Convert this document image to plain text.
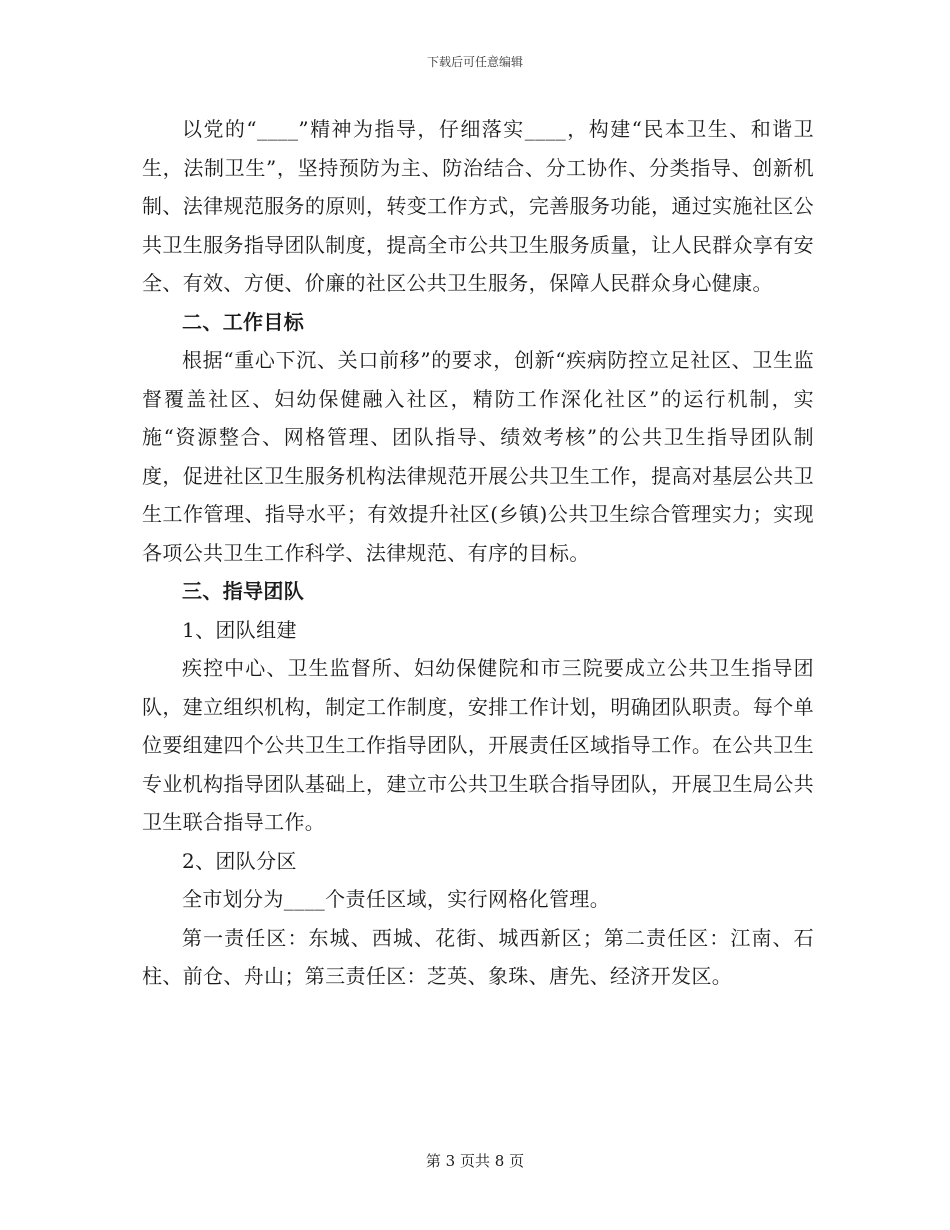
下载后可任意编辑

以党的“____”精神为指导，仔细落实____，构建“民本卫生、和谐卫生，法制卫生”，坚持预防为主、防治结合、分工协作、分类指导、创新机制、法律规范服务的原则，转变工作方式，完善服务功能，通过实施社区公共卫生服务指导团队制度，提高全市公共卫生服务质量，让人民群众享有安全、有效、方便、价廉的社区公共卫生服务，保障人民群众身心健康。

二、工作目标

根据“重心下沉、关口前移”的要求，创新“疾病防控立足社区、卫生监督覆盖社区、妇幼保健融入社区，精防工作深化社区”的运行机制，实施“资源整合、网格管理、团队指导、绩效考核”的公共卫生指导团队制度，促进社区卫生服务机构法律规范开展公共卫生工作，提高对基层公共卫生工作管理、指导水平；有效提升社区(乡镇)公共卫生综合管理实力；实现各项公共卫生工作科学、法律规范、有序的目标。

三、指导团队

1、团队组建

疾控中心、卫生监督所、妇幼保健院和市三院要成立公共卫生指导团队，建立组织机构，制定工作制度，安排工作计划，明确团队职责。每个单位要组建四个公共卫生工作指导团队，开展责任区域指导工作。在公共卫生专业机构指导团队基础上，建立市公共卫生联合指导团队，开展卫生局公共卫生联合指导工作。

2、团队分区

全市划分为____个责任区域，实行网格化管理。

第一责任区：东城、西城、花街、城西新区；第二责任区：江南、石柱、前仓、舟山；第三责任区：芝英、象珠、唐先、经济开发区。

第 3 页共 8 页
